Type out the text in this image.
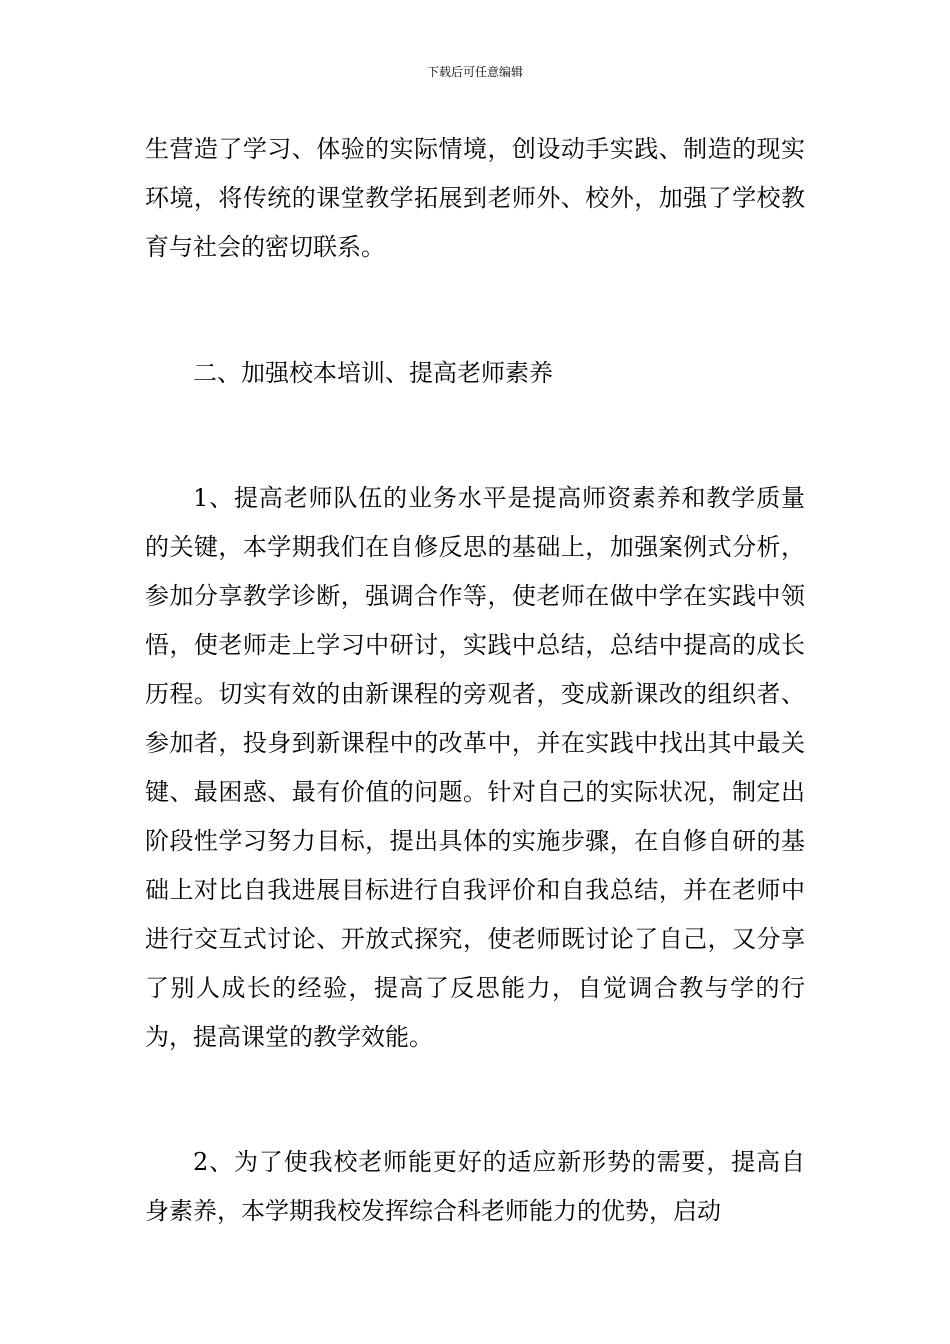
下载后可任意编辑

生营造了学习、体验的实际情境，创设动手实践、制造的现实环境，将传统的课堂教学拓展到老师外、校外，加强了学校教育与社会的密切联系。

二、加强校本培训、提高老师素养

1、提高老师队伍的业务水平是提高师资素养和教学质量的关键，本学期我们在自修反思的基础上，加强案例式分析，参加分享教学诊断，强调合作等，使老师在做中学在实践中领悟，使老师走上学习中研讨，实践中总结，总结中提高的成长历程。切实有效的由新课程的旁观者，变成新课改的组织者、参加者，投身到新课程中的改革中，并在实践中找出其中最关键、最困惑、最有价值的问题。针对自己的实际状况，制定出阶段性学习努力目标，提出具体的实施步骤，在自修自研的基础上对比自我进展目标进行自我评价和自我总结，并在老师中进行交互式讨论、开放式探究，使老师既讨论了自己，又分享了别人成长的经验，提高了反思能力，自觉调合教与学的行为，提高课堂的教学效能。

2、为了使我校老师能更好的适应新形势的需要，提高自身素养，本学期我校发挥综合科老师能力的优势，启动
